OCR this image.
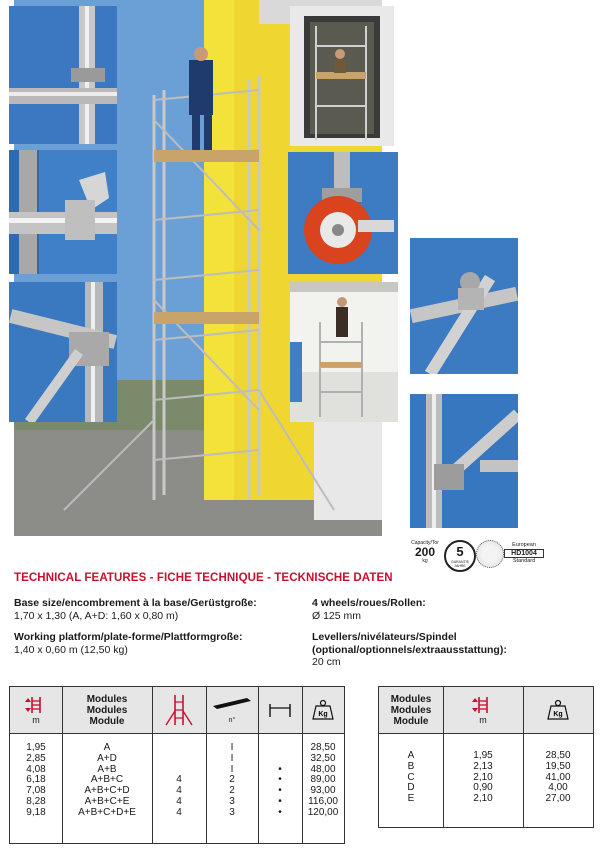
Capacity/Tor
200
kg
5
GARANTIE JAHRE
European
HD1004
Standard
TECHNICAL FEATURES - FICHE TECHNIQUE - TECKNISCHE DATEN
Base size/encombrement à la base/Gerüstgroße:
1,70 x 1,30 (A, A+D: 1,60 x 0,80 m)
Working platform/plate-forme/Plattformgroße:
1,40 x 0,60 m (12,50 kg)
4 wheels/roues/Rollen:
Ø 125 mm
Levellers/nivélateurs/Spindel
(optional/optionnels/extraausstattung):
20 cm
m
Modules
Modules
Module	n°
Kg
1,95
2,85
4,08
6,18
7,08
8,28
9,18
A
A+D
A+B
A+B+C
A+B+C+D
A+B+C+E
A+B+C+D+E

4
4
4
4
I
I
I
2
2
3
3

•
•
•
•
•
28,50
32,50
48,00
89,00
93,00
116,00
120,00
Modules
Modules
Module	m
Kg
A
B
C
D
E
1,95
2,13
2,10
0,90
2,10
28,50
19,50
41,00
4,00
27,00
